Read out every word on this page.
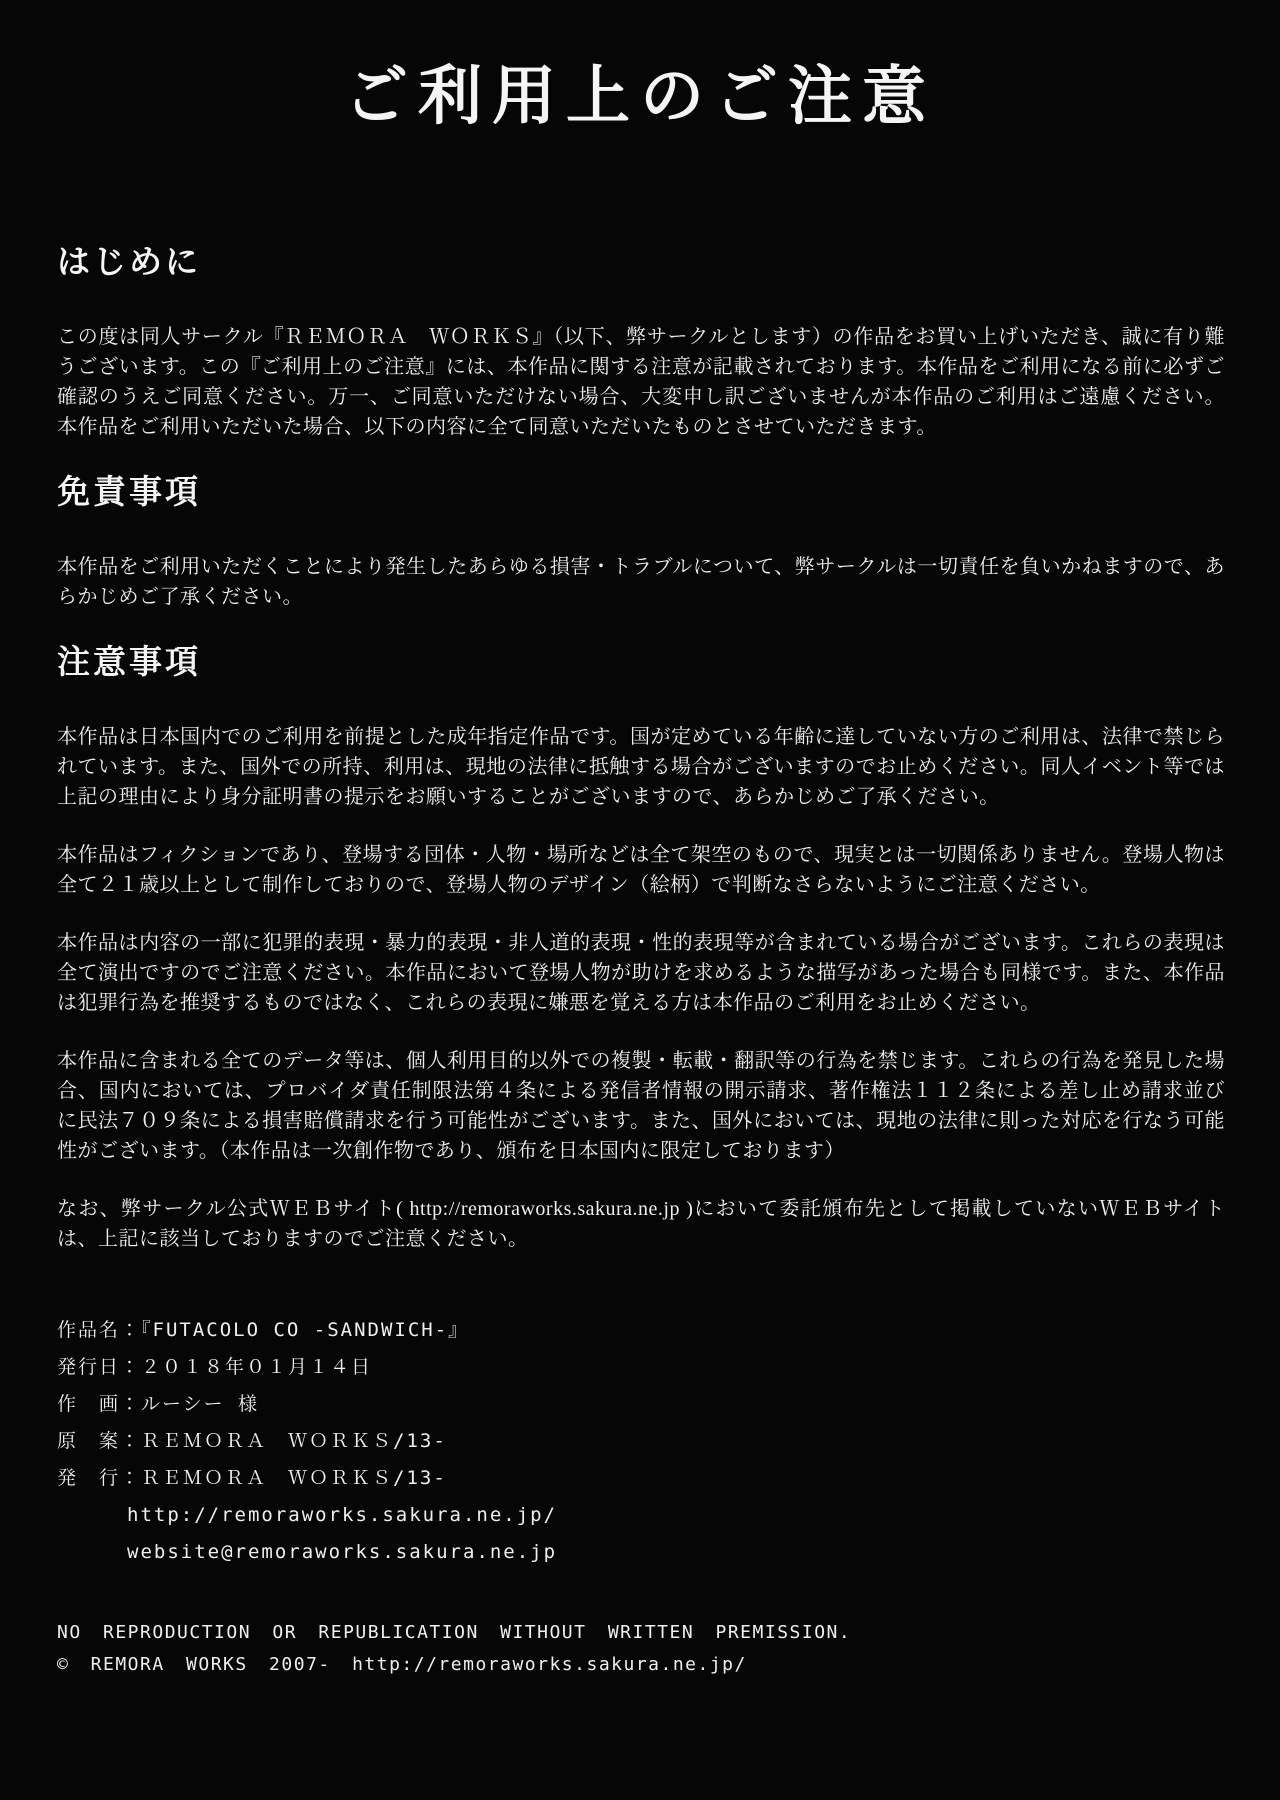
ご利用上のご注意
はじめに

この度は同人サークル『ＲＥＭＯＲＡ　ＷＯＲＫＳ』（以下、弊サークルとします）の作品をお買い上げいただき、誠に有り難うございます。この『ご利用上のご注意』には、本作品に関する注意が記載されております。本作品をご利用になる前に必ずご確認のうえご同意ください。万一、ご同意いただけない場合、大変申し訳ございませんが本作品のご利用はご遠慮ください。本作品をご利用いただいた場合、以下の内容に全て同意いただいたものとさせていただきます。

免責事項

本作品をご利用いただくことにより発生したあらゆる損害・トラブルについて、弊サークルは一切責任を負いかねますので、あらかじめご了承ください。

注意事項

本作品は日本国内でのご利用を前提とした成年指定作品です。国が定めている年齢に達していない方のご利用は、法律で禁じられています。また、国外での所持、利用は、現地の法律に抵触する場合がございますのでお止めください。同人イベント等では上記の理由により身分証明書の提示をお願いすることがございますので、あらかじめご了承ください。

本作品はフィクションであり、登場する団体・人物・場所などは全て架空のもので、現実とは一切関係ありません。登場人物は全て２１歳以上として制作しておりので、登場人物のデザイン（絵柄）で判断なさらないようにご注意ください。

本作品は内容の一部に犯罪的表現・暴力的表現・非人道的表現・性的表現等が含まれている場合がございます。これらの表現は全て演出ですのでご注意ください。本作品において登場人物が助けを求めるような描写があった場合も同様です。また、本作品は犯罪行為を推奨するものではなく、これらの表現に嫌悪を覚える方は本作品のご利用をお止めください。

本作品に含まれる全てのデータ等は、個人利用目的以外での複製・転載・翻訳等の行為を禁じます。これらの行為を発見した場合、国内においては、プロバイダ責任制限法第４条による発信者情報の開示請求、著作権法１１２条による差し止め請求並びに民法７０９条による損害賠償請求を行う可能性がございます。また、国外においては、現地の法律に則った対応を行なう可能性がございます。（本作品は一次創作物であり、頒布を日本国内に限定しております）

なお、弊サークル公式ＷＥＢサイト( http://remoraworks.sakura.ne.jp )において委託頒布先として掲載していないＷＥＢサイトは、上記に該当しておりますのでご注意ください。

作品名：『FUTACOLO CO -SANDWICH-』
発行日：２０１８年０１月１４日
作　画：ルーシー 様
原　案：ＲＥＭＯＲＡ　ＷＯＲＫＳ/13-
発　行：ＲＥＭＯＲＡ　ＷＯＲＫＳ/13-
http://remoraworks.sakura.ne.jp/
website@remoraworks.sakura.ne.jp
NO REPRODUCTION OR REPUBLICATION WITHOUT WRITTEN PREMISSION.
© REMORA WORKS 2007- http://remoraworks.sakura.ne.jp/
